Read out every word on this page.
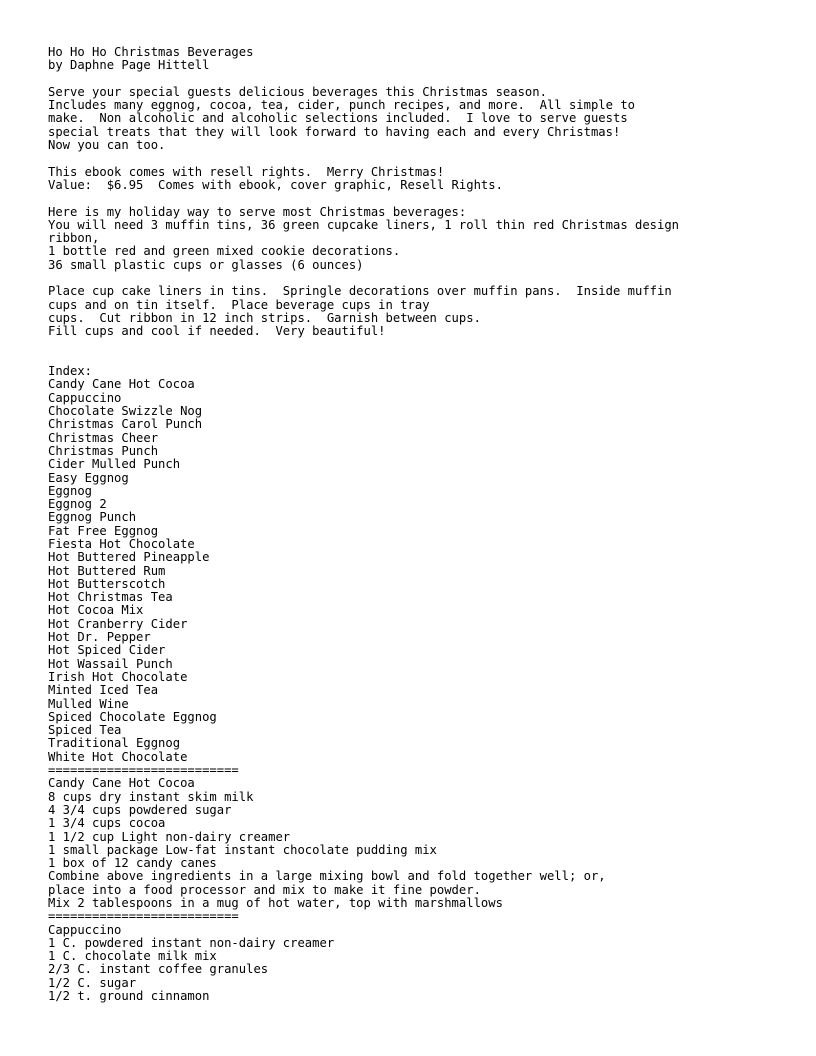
Ho Ho Ho Christmas Beverages
by Daphne Page Hittell

Serve your special guests delicious beverages this Christmas season.
Includes many eggnog, cocoa, tea, cider, punch recipes, and more.  All simple to
make.  Non alcoholic and alcoholic selections included.  I love to serve guests
special treats that they will look forward to having each and every Christmas!
Now you can too.

This ebook comes with resell rights.  Merry Christmas!
Value:  $6.95  Comes with ebook, cover graphic, Resell Rights.

Here is my holiday way to serve most Christmas beverages:
You will need 3 muffin tins, 36 green cupcake liners, 1 roll thin red Christmas design
ribbon,
1 bottle red and green mixed cookie decorations.
36 small plastic cups or glasses (6 ounces)

Place cup cake liners in tins.  Springle decorations over muffin pans.  Inside muffin
cups and on tin itself.  Place beverage cups in tray
cups.  Cut ribbon in 12 inch strips.  Garnish between cups.
Fill cups and cool if needed.  Very beautiful!

Index:
Candy Cane Hot Cocoa
Cappuccino
Chocolate Swizzle Nog
Christmas Carol Punch
Christmas Cheer
Christmas Punch
Cider Mulled Punch
Easy Eggnog
Eggnog
Eggnog 2
Eggnog Punch
Fat Free Eggnog
Fiesta Hot Chocolate
Hot Buttered Pineapple
Hot Buttered Rum
Hot Butterscotch
Hot Christmas Tea
Hot Cocoa Mix
Hot Cranberry Cider
Hot Dr. Pepper
Hot Spiced Cider
Hot Wassail Punch
Irish Hot Chocolate
Minted Iced Tea
Mulled Wine
Spiced Chocolate Eggnog
Spiced Tea
Traditional Eggnog
White Hot Chocolate
==========================
Candy Cane Hot Cocoa
8 cups dry instant skim milk
4 3/4 cups powdered sugar
1 3/4 cups cocoa
1 1/2 cup Light non-dairy creamer
1 small package Low-fat instant chocolate pudding mix
1 box of 12 candy canes
Combine above ingredients in a large mixing bowl and fold together well; or,
place into a food processor and mix to make it fine powder.
Mix 2 tablespoons in a mug of hot water, top with marshmallows
==========================
Cappuccino
1 C. powdered instant non-dairy creamer
1 C. chocolate milk mix
2/3 C. instant coffee granules
1/2 C. sugar
1/2 t. ground cinnamon
